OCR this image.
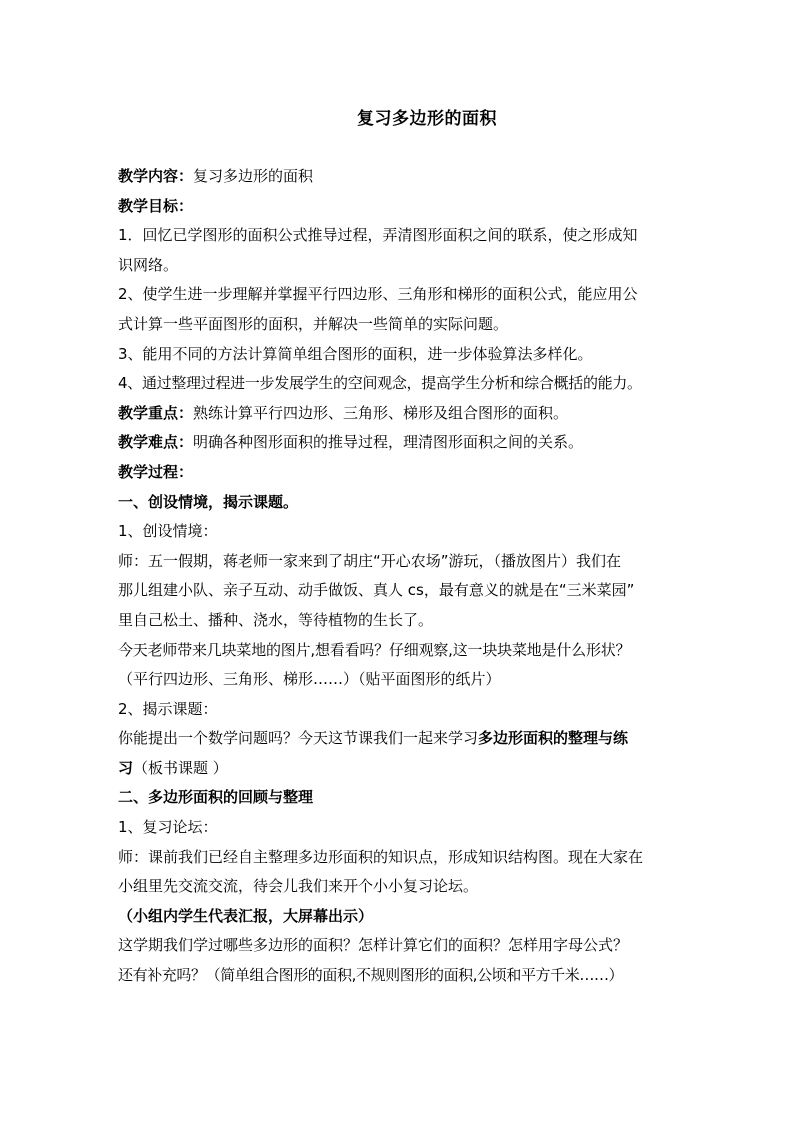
复习多边形的面积

教学内容：复习多边形的面积

教学目标：

1．回忆已学图形的面积公式推导过程，弄清图形面积之间的联系，使之形成知

识网络。

2、使学生进一步理解并掌握平行四边形、三角形和梯形的面积公式，能应用公

式计算一些平面图形的面积，并解决一些简单的实际问题。

3、能用不同的方法计算简单组合图形的面积，进一步体验算法多样化。

4、通过整理过程进一步发展学生的空间观念，提高学生分析和综合概括的能力。

教学重点：熟练计算平行四边形、三角形、梯形及组合图形的面积。

教学难点：明确各种图形面积的推导过程，理清图形面积之间的关系。

教学过程：

一、创设情境，揭示课题。

1、创设情境：

师：五一假期，蒋老师一家来到了胡庄“开心农场”游玩，（播放图片）我们在

那儿组建小队、亲子互动、动手做饭、真人 cs，最有意义的就是在“三米菜园”

里自己松土、播种、浇水，等待植物的生长了。

今天老师带来几块菜地的图片,想看看吗？仔细观察,这一块块菜地是什么形状？

（平行四边形、三角形、梯形……）（贴平面图形的纸片）

2、揭示课题：

你能提出一个数学问题吗？今天这节课我们一起来学习多边形面积的整理与练

习（板书课题 ）

二、多边形面积的回顾与整理

1、复习论坛：

师：课前我们已经自主整理多边形面积的知识点，形成知识结构图。现在大家在

小组里先交流交流，待会儿我们来开个小小复习论坛。

（小组内学生代表汇报，大屏幕出示）

这学期我们学过哪些多边形的面积？怎样计算它们的面积？怎样用字母公式？

还有补充吗？（简单组合图形的面积,不规则图形的面积,公顷和平方千米……）
